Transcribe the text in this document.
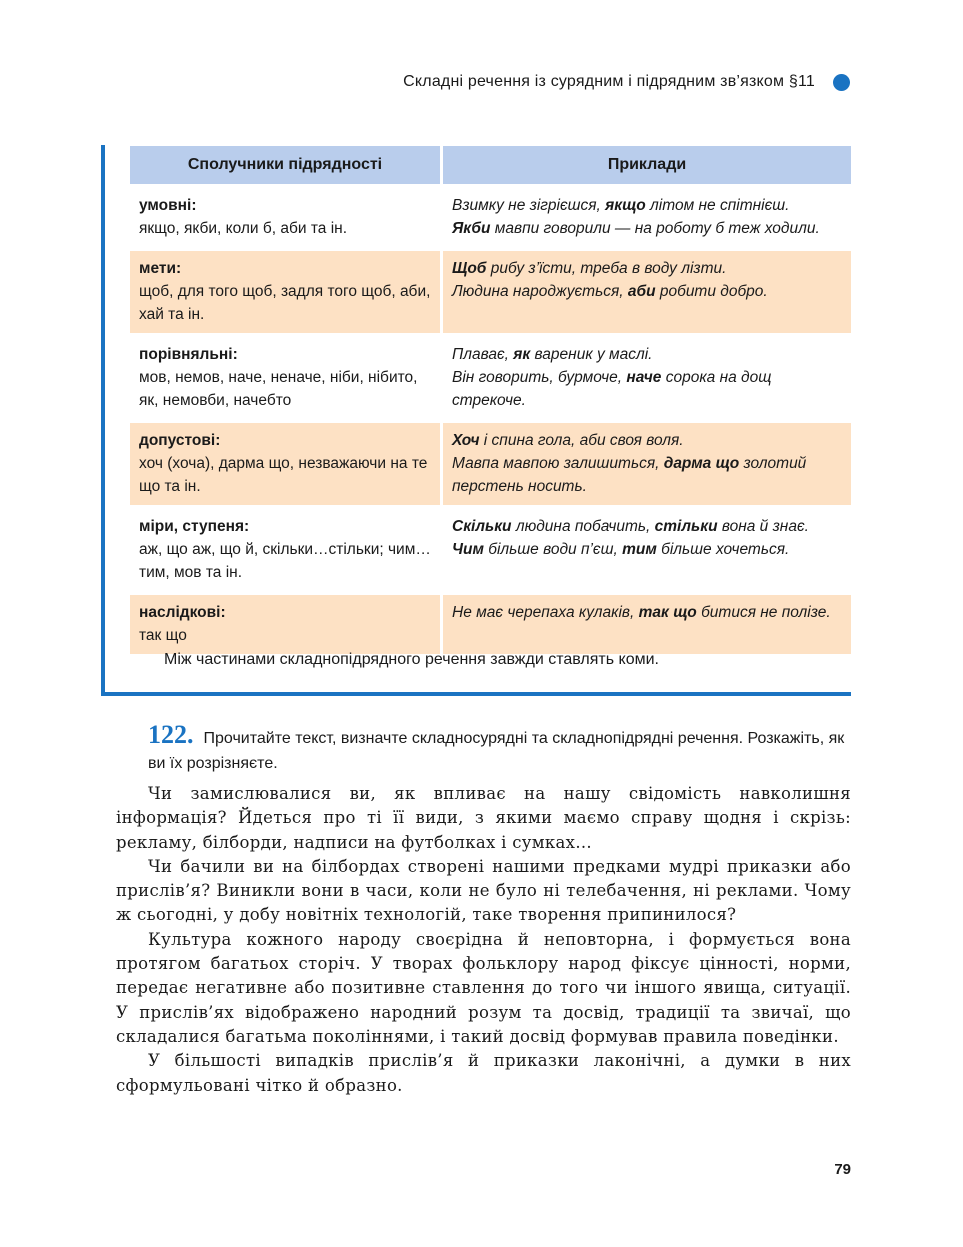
Складні речення із сурядним і підрядним зв’язком §11
Сполучники підрядності	Приклади

умовні:
якщо, якби, коли б, аби та ін.	Взимку не зігрієшся, якщо літом не спітнієш.
Якби мавпи говорили — на роботу б теж ходили.

мети:
щоб, для того щоб, задля того щоб, аби, хай та ін.	Щоб рибу з’їсти, треба в воду лізти.
Людина народжується, аби робити добро.

порівняльні:
мов, немов, наче, неначе, ніби, нібито, як, немовби, начебто	Плаває, як вареник у маслі.
Він говорить, бурмоче, наче сорока на дощ стрекоче.

допустові:
хоч (хоча), дарма що, незважаючи на те що та ін.	Хоч і спина гола, аби своя воля.
Мавпа мавпою залишиться, дарма що золотий перстень носить.

міри, ступеня:
аж, що аж, що й, скільки…стільки; чим…тим, мов та ін.	Скільки людина побачить, стільки вона й знає.
Чим більше води п’єш, тим більше хочеться.

наслідкові:
так що	Не має черепаха кулаків, так що битися не полізе.
Між частинами складнопідрядного речення завжди ставлять коми.
122. Прочитайте текст, визначте складносурядні та складнопідрядні речення. Розкажіть, як ви їх розрізняєте.

Чи замислювалися ви, як впливає на нашу свідомість навколишня інформація? Йдеться про ті її види, з якими маємо справу щодня і скрізь: рекламу, білборди, надписи на футболках і сумках…

Чи бачили ви на білбордах створені нашими предками мудрі приказки або прислів’я? Виникли вони в часи, коли не було ні телебачення, ні реклами. Чому ж сьогодні, у добу новітніх технологій, таке творення припинилося?

Культура кожного народу своєрідна й неповторна, і формується вона протягом багатьох сторіч. У творах фольклору народ фіксує цінності, норми, передає негативне або позитивне ставлення до того чи іншого явища, ситуації. У прислів’ях відображено народний розум та досвід, традиції та звичаї, що складалися багатьма поколіннями, і такий досвід формував правила поведінки.

У більшості випадків прислів’я й приказки лаконічні, а думки в них сформульовані чітко й образно.

79
